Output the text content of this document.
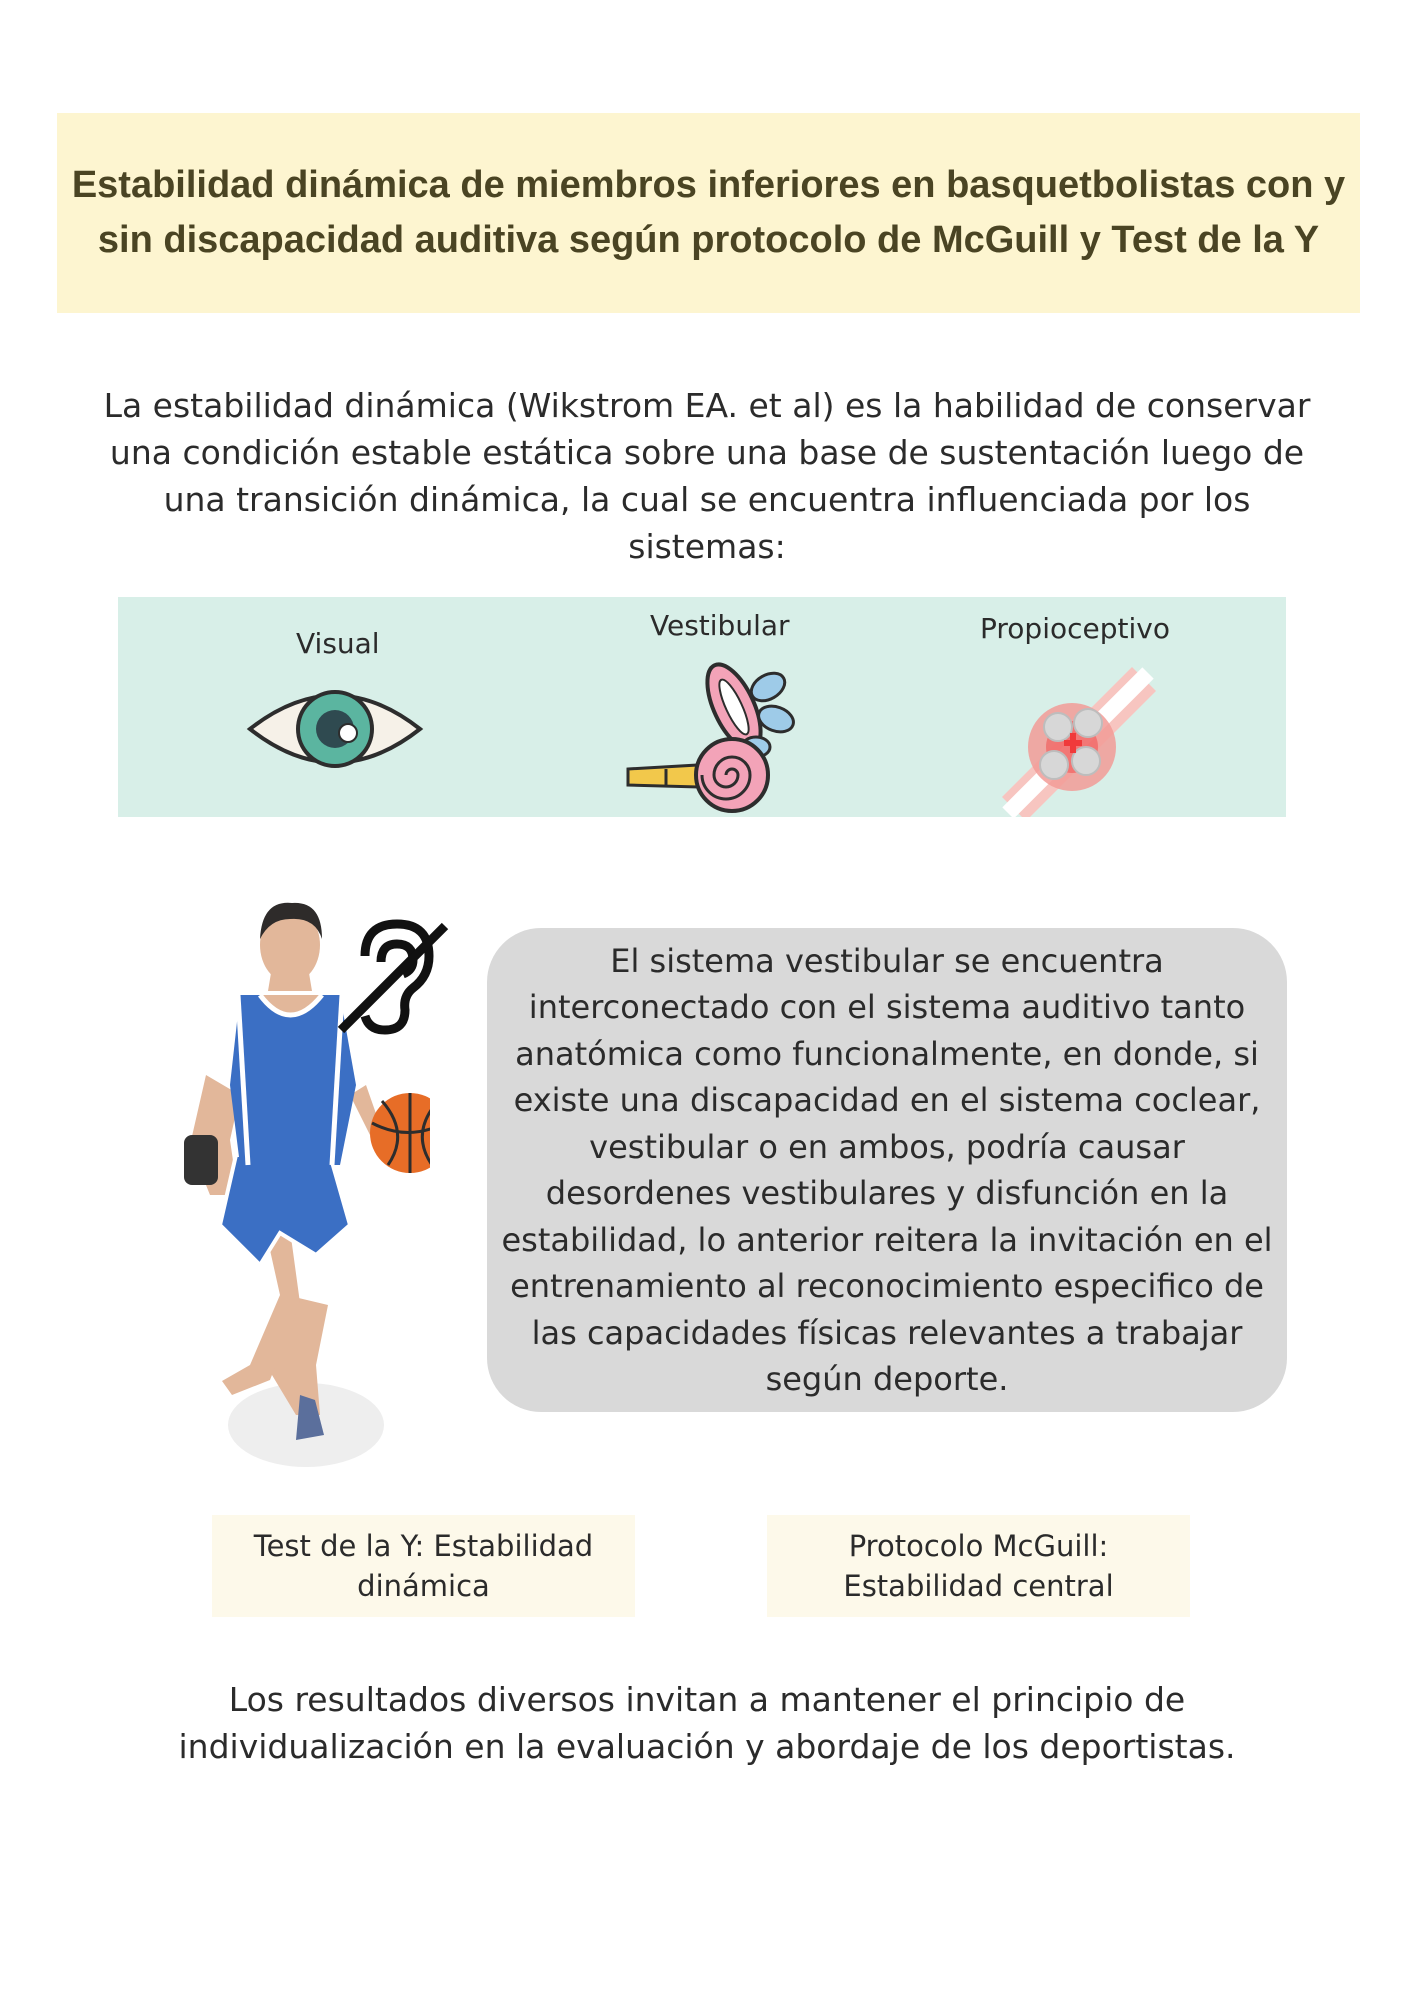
Estabilidad dinámica de miembros inferiores en basquetbolistas con y sin discapacidad auditiva según protocolo de McGuill y Test de la Y

La estabilidad dinámica (Wikstrom EA. et al) es la habilidad de conservar una condición estable estática sobre una base de sustentación luego de una transición dinámica, la cual se encuentra influenciada por los sistemas:

Visual
Vestibular	Propioceptivo

El sistema vestibular se encuentra interconectado con el sistema auditivo tanto anatómica como funcionalmente, en donde, si existe una discapacidad en el sistema coclear, vestibular o en ambos, podría causar desordenes vestibulares y disfunción en la estabilidad, lo anterior reitera la invitación en el entrenamiento al reconocimiento especifico de las capacidades físicas relevantes a trabajar según deporte.

Test de la Y: Estabilidad dinámica
Protocolo McGuill: Estabilidad central

Los resultados diversos invitan a mantener el principio de individualización en la evaluación y abordaje de los deportistas.
